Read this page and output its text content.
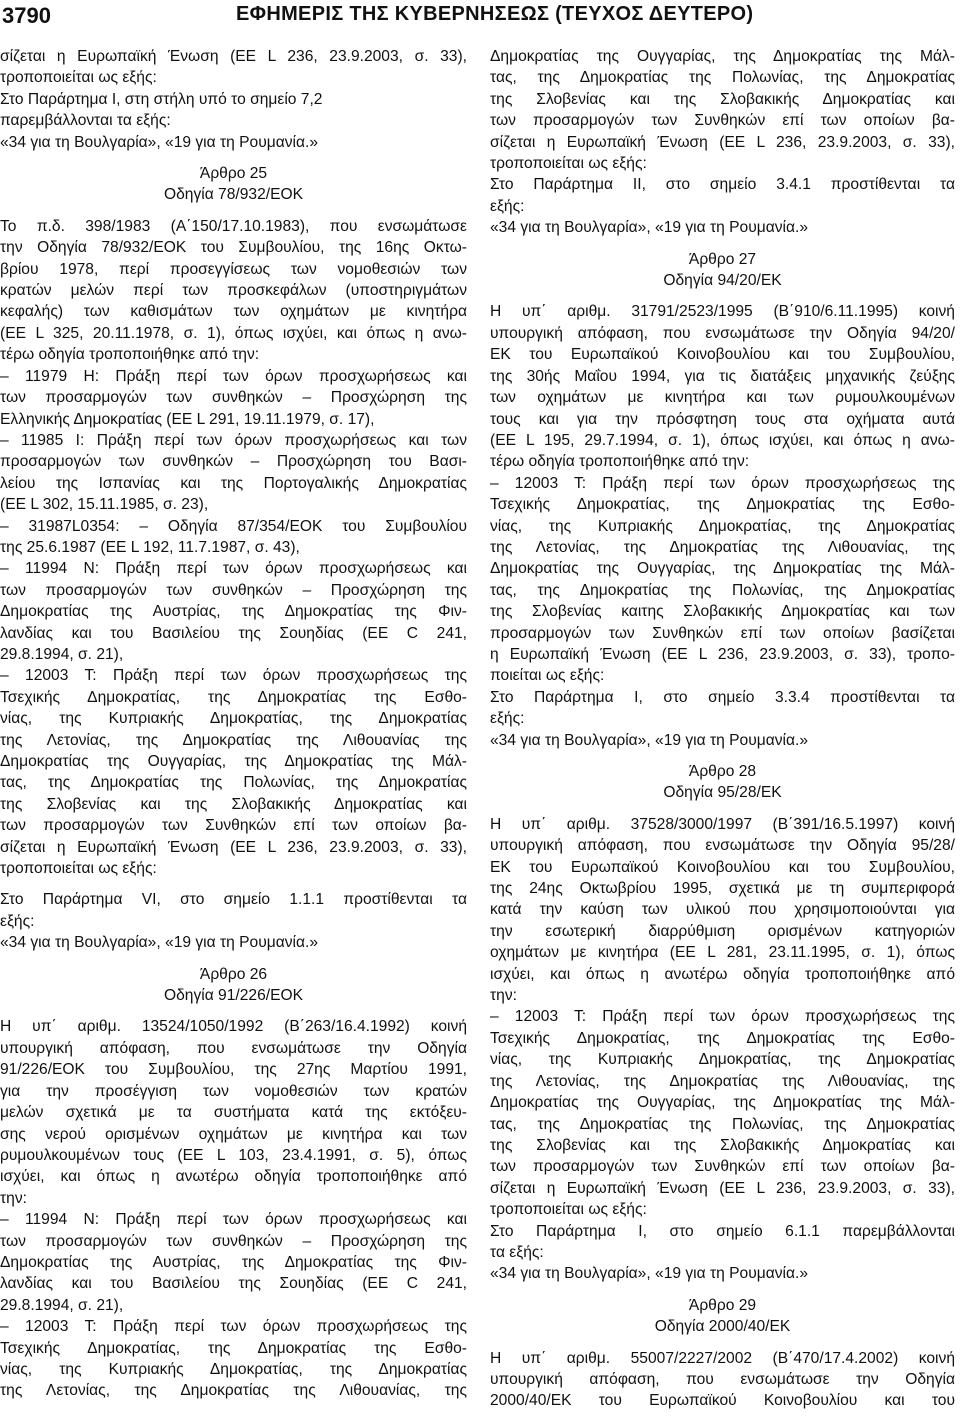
3790	ΕΦΗΜΕΡΙΣ ΤΗΣ ΚΥΒΕΡΝΗΣΕΩΣ (ΤΕΥΧΟΣ ΔΕΥΤΕΡΟ)

σίζεται η Ευρωπαϊκή Ένωση (ΕΕ L 236, 23.9.2003, σ. 33),

τροποποιείται ως εξής:

Στο Παράρτημα Ι, στη στήλη υπό το σημείο 7,2

παρεμβάλλονται τα εξής:

«34 για τη Βουλγαρία», «19 για τη Ρουμανία.»

Άρθρο 25

Οδηγία 78/932/ΕΟΚ

Το π.δ. 398/1983 (Α΄150/17.10.1983), που ενσωμάτωσε

την Οδηγία 78/932/ΕΟΚ του Συμβουλίου, της 16ης Οκτω-

βρίου 1978, περί προσεγγίσεως των νομοθεσιών των

κρατών μελών περί των προσκεφάλων (υποστηριγμάτων

κεφαλής) των καθισμάτων των οχημάτων με κινητήρα

(ΕΕ L 325, 20.11.1978, σ. 1), όπως ισχύει, και όπως η ανω-

τέρω οδηγία τροποποιήθηκε από την:

– 11979 H: Πράξη περί των όρων προσχωρήσεως και

των προσαρμογών των συνθηκών – Προσχώρηση της

Ελληνικής Δημοκρατίας (ΕΕ L 291, 19.11.1979, σ. 17),

– 11985 I: Πράξη περί των όρων προσχωρήσεως και των

προσαρμογών των συνθηκών – Προσχώρηση του Βασι-

λείου της Ισπανίας και της Πορτογαλικής Δημοκρατίας

(ΕΕ L 302, 15.11.1985, σ. 23),

– 31987L0354: – Οδηγία 87/354/ΕΟΚ του Συμβουλίου

της 25.6.1987 (ΕΕ L 192, 11.7.1987, σ. 43),

– 11994 N: Πράξη περί των όρων προσχωρήσεως και

των προσαρμογών των συνθηκών – Προσχώρηση της

Δημοκρατίας της Αυστρίας, της Δημοκρατίας της Φιν-

λανδίας και του Βασιλείου της Σουηδίας (ΕΕ C 241,

29.8.1994, σ. 21),

– 12003 T: Πράξη περί των όρων προσχωρήσεως της

Τσεχικής Δημοκρατίας, της Δημοκρατίας της Εσθο-

νίας, της Κυπριακής Δημοκρατίας, της Δημοκρατίας

της Λετονίας, της Δημοκρατίας της Λιθουανίας της

Δημοκρατίας της Ουγγαρίας, της Δημοκρατίας της Μάλ-

τας, της Δημοκρατίας της Πολωνίας, της Δημοκρατίας

της Σλοβενίας και της Σλοβακικής Δημοκρατίας και

των προσαρμογών των Συνθηκών επί των οποίων βα-

σίζεται η Ευρωπαϊκή Ένωση (ΕΕ L 236, 23.9.2003, σ. 33),

τροποποιείται ως εξής:

Στο Παράρτημα VI, στο σημείο 1.1.1 προστίθενται τα

εξής:

«34 για τη Βουλγαρία», «19 για τη Ρουμανία.»

Άρθρο 26

Οδηγία 91/226/ΕΟΚ

Η υπ΄ αριθμ. 13524/1050/1992 (Β΄263/16.4.1992) κοινή

υπουργική απόφαση, που ενσωμάτωσε την Οδηγία

91/226/ΕΟΚ του Συμβουλίου, της 27ης Μαρτίου 1991,

για την προσέγγιση των νομοθεσιών των κρατών

μελών σχετικά με τα συστήματα κατά της εκτόξευ-

σης νερού ορισμένων οχημάτων με κινητήρα και των

ρυμουλκουμένων τους (ΕΕ L 103, 23.4.1991, σ. 5), όπως

ισχύει, και όπως η ανωτέρω οδηγία τροποποιήθηκε από

την:

– 11994 N: Πράξη περί των όρων προσχωρήσεως και

των προσαρμογών των συνθηκών – Προσχώρηση της

Δημοκρατίας της Αυστρίας, της Δημοκρατίας της Φιν-

λανδίας και του Βασιλείου της Σουηδίας (ΕΕ C 241,

29.8.1994, σ. 21),

– 12003 T: Πράξη περί των όρων προσχωρήσεως της

Τσεχικής Δημοκρατίας, της Δημοκρατίας της Εσθο-

νίας, της Κυπριακής Δημοκρατίας, της Δημοκρατίας

της Λετονίας, της Δημοκρατίας της Λιθουανίας, της

Δημοκρατίας της Ουγγαρίας, της Δημοκρατίας της Μάλ-

τας, της Δημοκρατίας της Πολωνίας, της Δημοκρατίας

της Σλοβενίας και της Σλοβακικής Δημοκρατίας και

των προσαρμογών των Συνθηκών επί των οποίων βα-

σίζεται η Ευρωπαϊκή Ένωση (ΕΕ L 236, 23.9.2003, σ. 33),

τροποποιείται ως εξής:

Στο Παράρτημα ΙΙ, στο σημείο 3.4.1 προστίθενται τα

εξής:

«34 για τη Βουλγαρία», «19 για τη Ρουμανία.»

Άρθρο 27

Οδηγία 94/20/ΕΚ

Η υπ΄ αριθμ. 31791/2523/1995 (Β΄910/6.11.1995) κοινή

υπουργική απόφαση, που ενσωμάτωσε την Οδηγία 94/20/

ΕΚ του Ευρωπαϊκού Κοινοβουλίου και του Συμβουλίου,

της 30ής Μαΐου 1994, για τις διατάξεις μηχανικής ζεύξης

των οχημάτων με κινητήρα και των ρυμουλκουμένων

τους και για την πρόσφτηση τους στα οχήματα αυτά

(ΕΕ L 195, 29.7.1994, σ. 1), όπως ισχύει, και όπως η ανω-

τέρω οδηγία τροποποιήθηκε από την:

– 12003 T: Πράξη περί των όρων προσχωρήσεως της

Τσεχικής Δημοκρατίας, της Δημοκρατίας της Εσθο-

νίας, της Κυπριακής Δημοκρατίας, της Δημοκρατίας

της Λετονίας, της Δημοκρατίας της Λιθουανίας, της

Δημοκρατίας της Ουγγαρίας, της Δημοκρατίας της Μάλ-

τας, της Δημοκρατίας της Πολωνίας, της Δημοκρατίας

της Σλοβενίας καιτης Σλοβακικής Δημοκρατίας και των

προσαρμογών των Συνθηκών επί των οποίων βασίζεται

η Ευρωπαϊκή Ένωση (ΕΕ L 236, 23.9.2003, σ. 33), τροπο-

ποιείται ως εξής:

Στο Παράρτημα Ι, στο σημείο 3.3.4 προστίθενται τα

εξής:

«34 για τη Βουλγαρία», «19 για τη Ρουμανία.»

Άρθρο 28

Οδηγία 95/28/ΕΚ

Η υπ΄ αριθμ. 37528/3000/1997 (Β΄391/16.5.1997) κοινή

υπουργική απόφαση, που ενσωμάτωσε την Οδηγία 95/28/

ΕΚ του Ευρωπαϊκού Κοινοβουλίου και του Συμβουλίου,

της 24ης Οκτωβρίου 1995, σχετικά με τη συμπεριφορά

κατά την καύση των υλικού που χρησιμοποιούνται για

την εσωτερική διαρρύθμιση ορισμένων κατηγοριών

οχημάτων με κινητήρα (ΕΕ L 281, 23.11.1995, σ. 1), όπως

ισχύει, και όπως η ανωτέρω οδηγία τροποποιήθηκε από

την:

– 12003 T: Πράξη περί των όρων προσχωρήσεως της

Τσεχικής Δημοκρατίας, της Δημοκρατίας της Εσθο-

νίας, της Κυπριακής Δημοκρατίας, της Δημοκρατίας

της Λετονίας, της Δημοκρατίας της Λιθουανίας, της

Δημοκρατίας της Ουγγαρίας, της Δημοκρατίας της Μάλ-

τας, της Δημοκρατίας της Πολωνίας, της Δημοκρατίας

της Σλοβενίας και της Σλοβακικής Δημοκρατίας και

των προσαρμογών των Συνθηκών επί των οποίων βα-

σίζεται η Ευρωπαϊκή Ένωση (ΕΕ L 236, 23.9.2003, σ. 33),

τροποποιείται ως εξής:

Στο Παράρτημα Ι, στο σημείο 6.1.1 παρεμβάλλονται

τα εξής:

«34 για τη Βουλγαρία», «19 για τη Ρουμανία.»

Άρθρο 29

Οδηγία 2000/40/ΕΚ

Η υπ΄ αριθμ. 55007/2227/2002 (Β΄470/17.4.2002) κοινή

υπουργική απόφαση, που ενσωμάτωσε την Οδηγία

2000/40/ΕΚ του Ευρωπαϊκού Κοινοβουλίου και του
